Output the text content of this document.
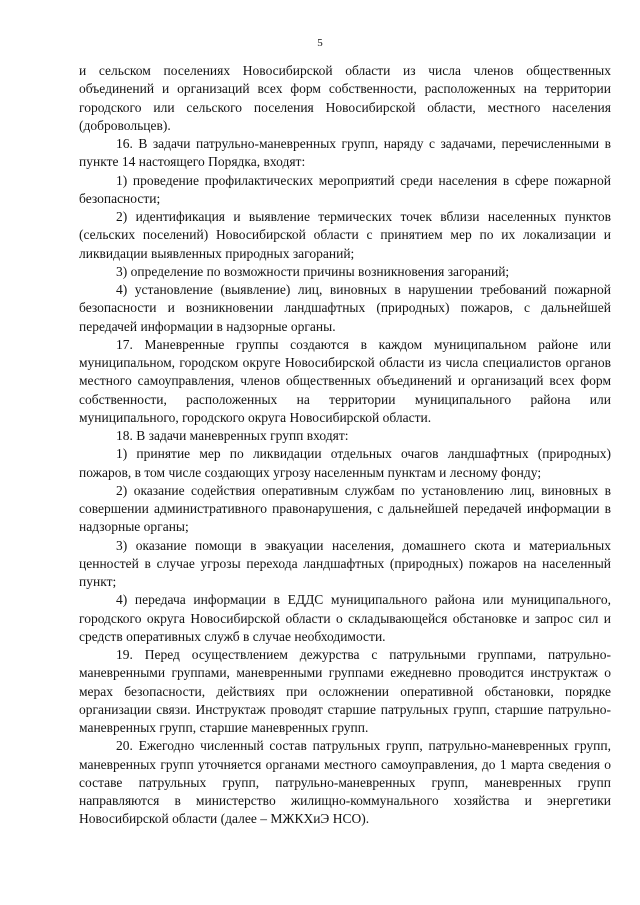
5

и сельском поселениях Новосибирской области из числа членов общественных объединений и организаций всех форм собственности, расположенных на территории городского или сельского поселения Новосибирской области, местного населения (добровольцев).

16. В задачи патрульно-маневренных групп, наряду с задачами, перечисленными в пункте 14 настоящего Порядка, входят:

1) проведение профилактических мероприятий среди населения в сфере пожарной безопасности;

2) идентификация и выявление термических точек вблизи населенных пунктов (сельских поселений) Новосибирской области с принятием мер по их локализации и ликвидации выявленных природных загораний;

3) определение по возможности причины возникновения загораний;

4) установление (выявление) лиц, виновных в нарушении требований пожарной безопасности и возникновении ландшафтных (природных) пожаров, с дальнейшей передачей информации в надзорные органы.

17. Маневренные группы создаются в каждом муниципальном районе или муниципальном, городском округе Новосибирской области из числа специалистов органов местного самоуправления, членов общественных объединений и организаций всех форм собственности, расположенных на территории муниципального района или муниципального, городского округа Новосибирской области.

18. В задачи маневренных групп входят:

1) принятие мер по ликвидации отдельных очагов ландшафтных (природных) пожаров, в том числе создающих угрозу населенным пунктам и лесному фонду;

2) оказание содействия оперативным службам по установлению лиц, виновных в совершении административного правонарушения, с дальнейшей передачей информации в надзорные органы;

3) оказание помощи в эвакуации населения, домашнего скота и материальных ценностей в случае угрозы перехода ландшафтных (природных) пожаров на населенный пункт;

4) передача информации в ЕДДС муниципального района или муниципального, городского округа Новосибирской области о складывающейся обстановке и запрос сил и средств оперативных служб в случае необходимости.

19. Перед осуществлением дежурства с патрульными группами, патрульно-маневренными группами, маневренными группами ежедневно проводится инструктаж о мерах безопасности, действиях при осложнении оперативной обстановки, порядке организации связи. Инструктаж проводят старшие патрульных групп, старшие патрульно-маневренных групп, старшие маневренных групп.

20. Ежегодно численный состав патрульных групп, патрульно-маневренных групп, маневренных групп уточняется органами местного самоуправления, до 1 марта сведения о составе патрульных групп, патрульно-маневренных групп, маневренных групп направляются в министерство жилищно-коммунального хозяйства и энергетики Новосибирской области (далее – МЖКХиЭ НСО).
